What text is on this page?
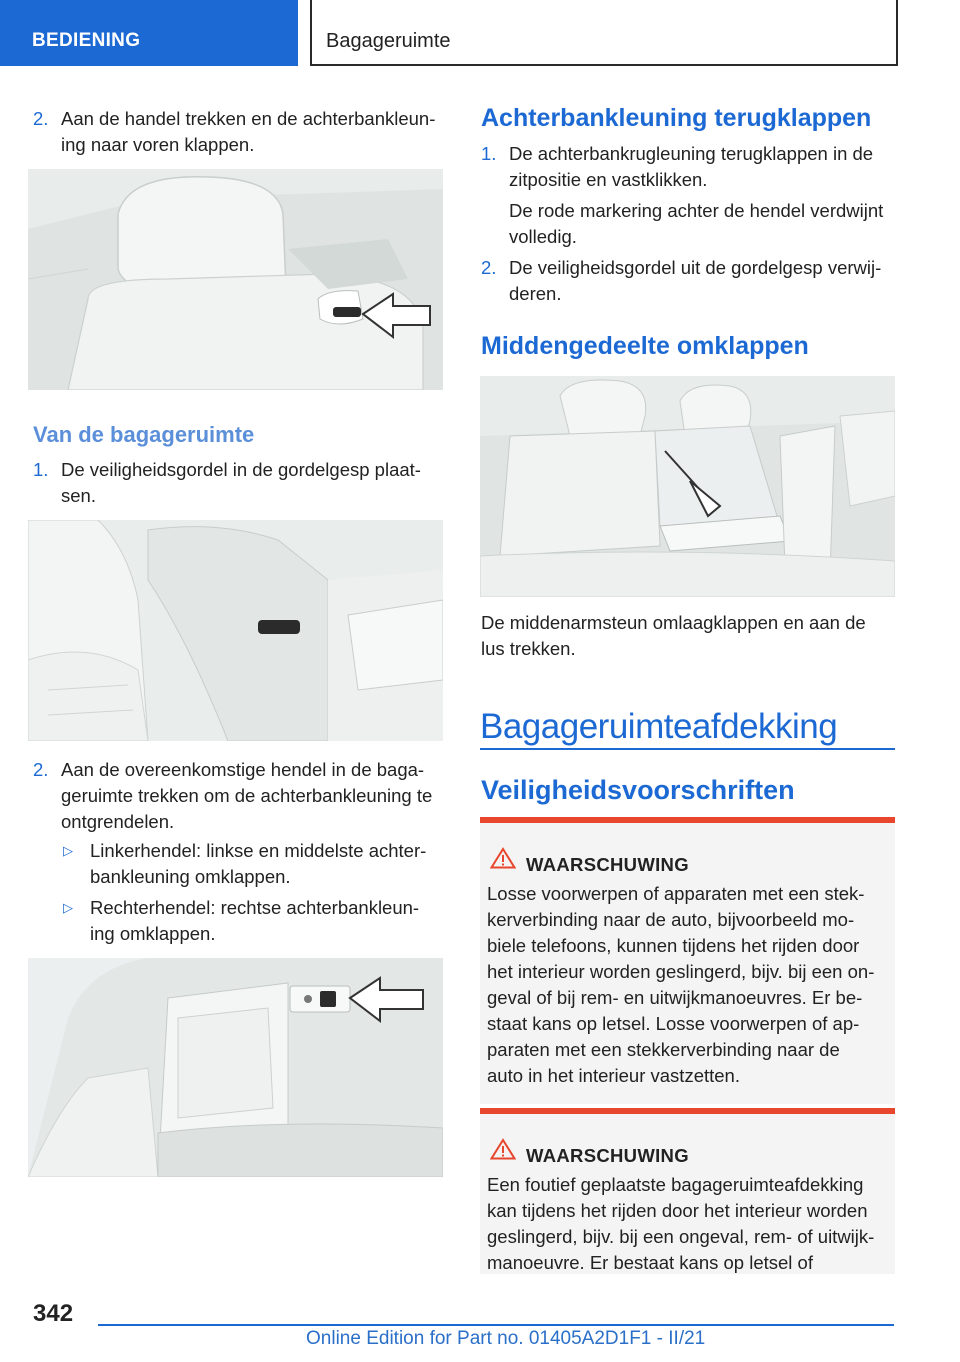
BEDIENING	Bagageruimte
2. Aan de handel trekken en de achterbankleun-
ing naar voren klappen.
Van de bagageruimte
1. De veiligheidsgordel in de gordelgesp plaat-
sen.
2. Aan de overeenkomstige hendel in de baga-
geruimte trekken om de achterbankleuning te
ontgrendelen.
▷ Linkerhendel: linkse en middelste achter-
bankleuning omklappen.
▷ Rechterhendel: rechtse achterbankleun-
ing omklappen.
Achterbankleuning terugklappen
1. De achterbankrugleuning terugklappen in de
zitpositie en vastklikken.
De rode markering achter de hendel verdwijnt
volledig.
2. De veiligheidsgordel uit de gordelgesp verwij-
deren.
Middengedeelte omklappen
De middenarmsteun omlaagklappen en aan de
lus trekken.
Bagageruimteafdekking
Veiligheidsvoorschriften
WAARSCHUWING
Losse voorwerpen of apparaten met een stek-
kerverbinding naar de auto, bijvoorbeeld mo-
biele telefoons, kunnen tijdens het rijden door
het interieur worden geslingerd, bijv. bij een on-
geval of bij rem- en uitwijkmanoeuvres. Er be-
staat kans op letsel. Losse voorwerpen of ap-
paraten met een stekkerverbinding naar de
auto in het interieur vastzetten.
WAARSCHUWING
Een foutief geplaatste bagageruimteafdekking
kan tijdens het rijden door het interieur worden
geslingerd, bijv. bij een ongeval, rem- of uitwijk-
manoeuvre. Er bestaat kans op letsel of
342
Online Edition for Part no. 01405A2D1F1 - II/21
